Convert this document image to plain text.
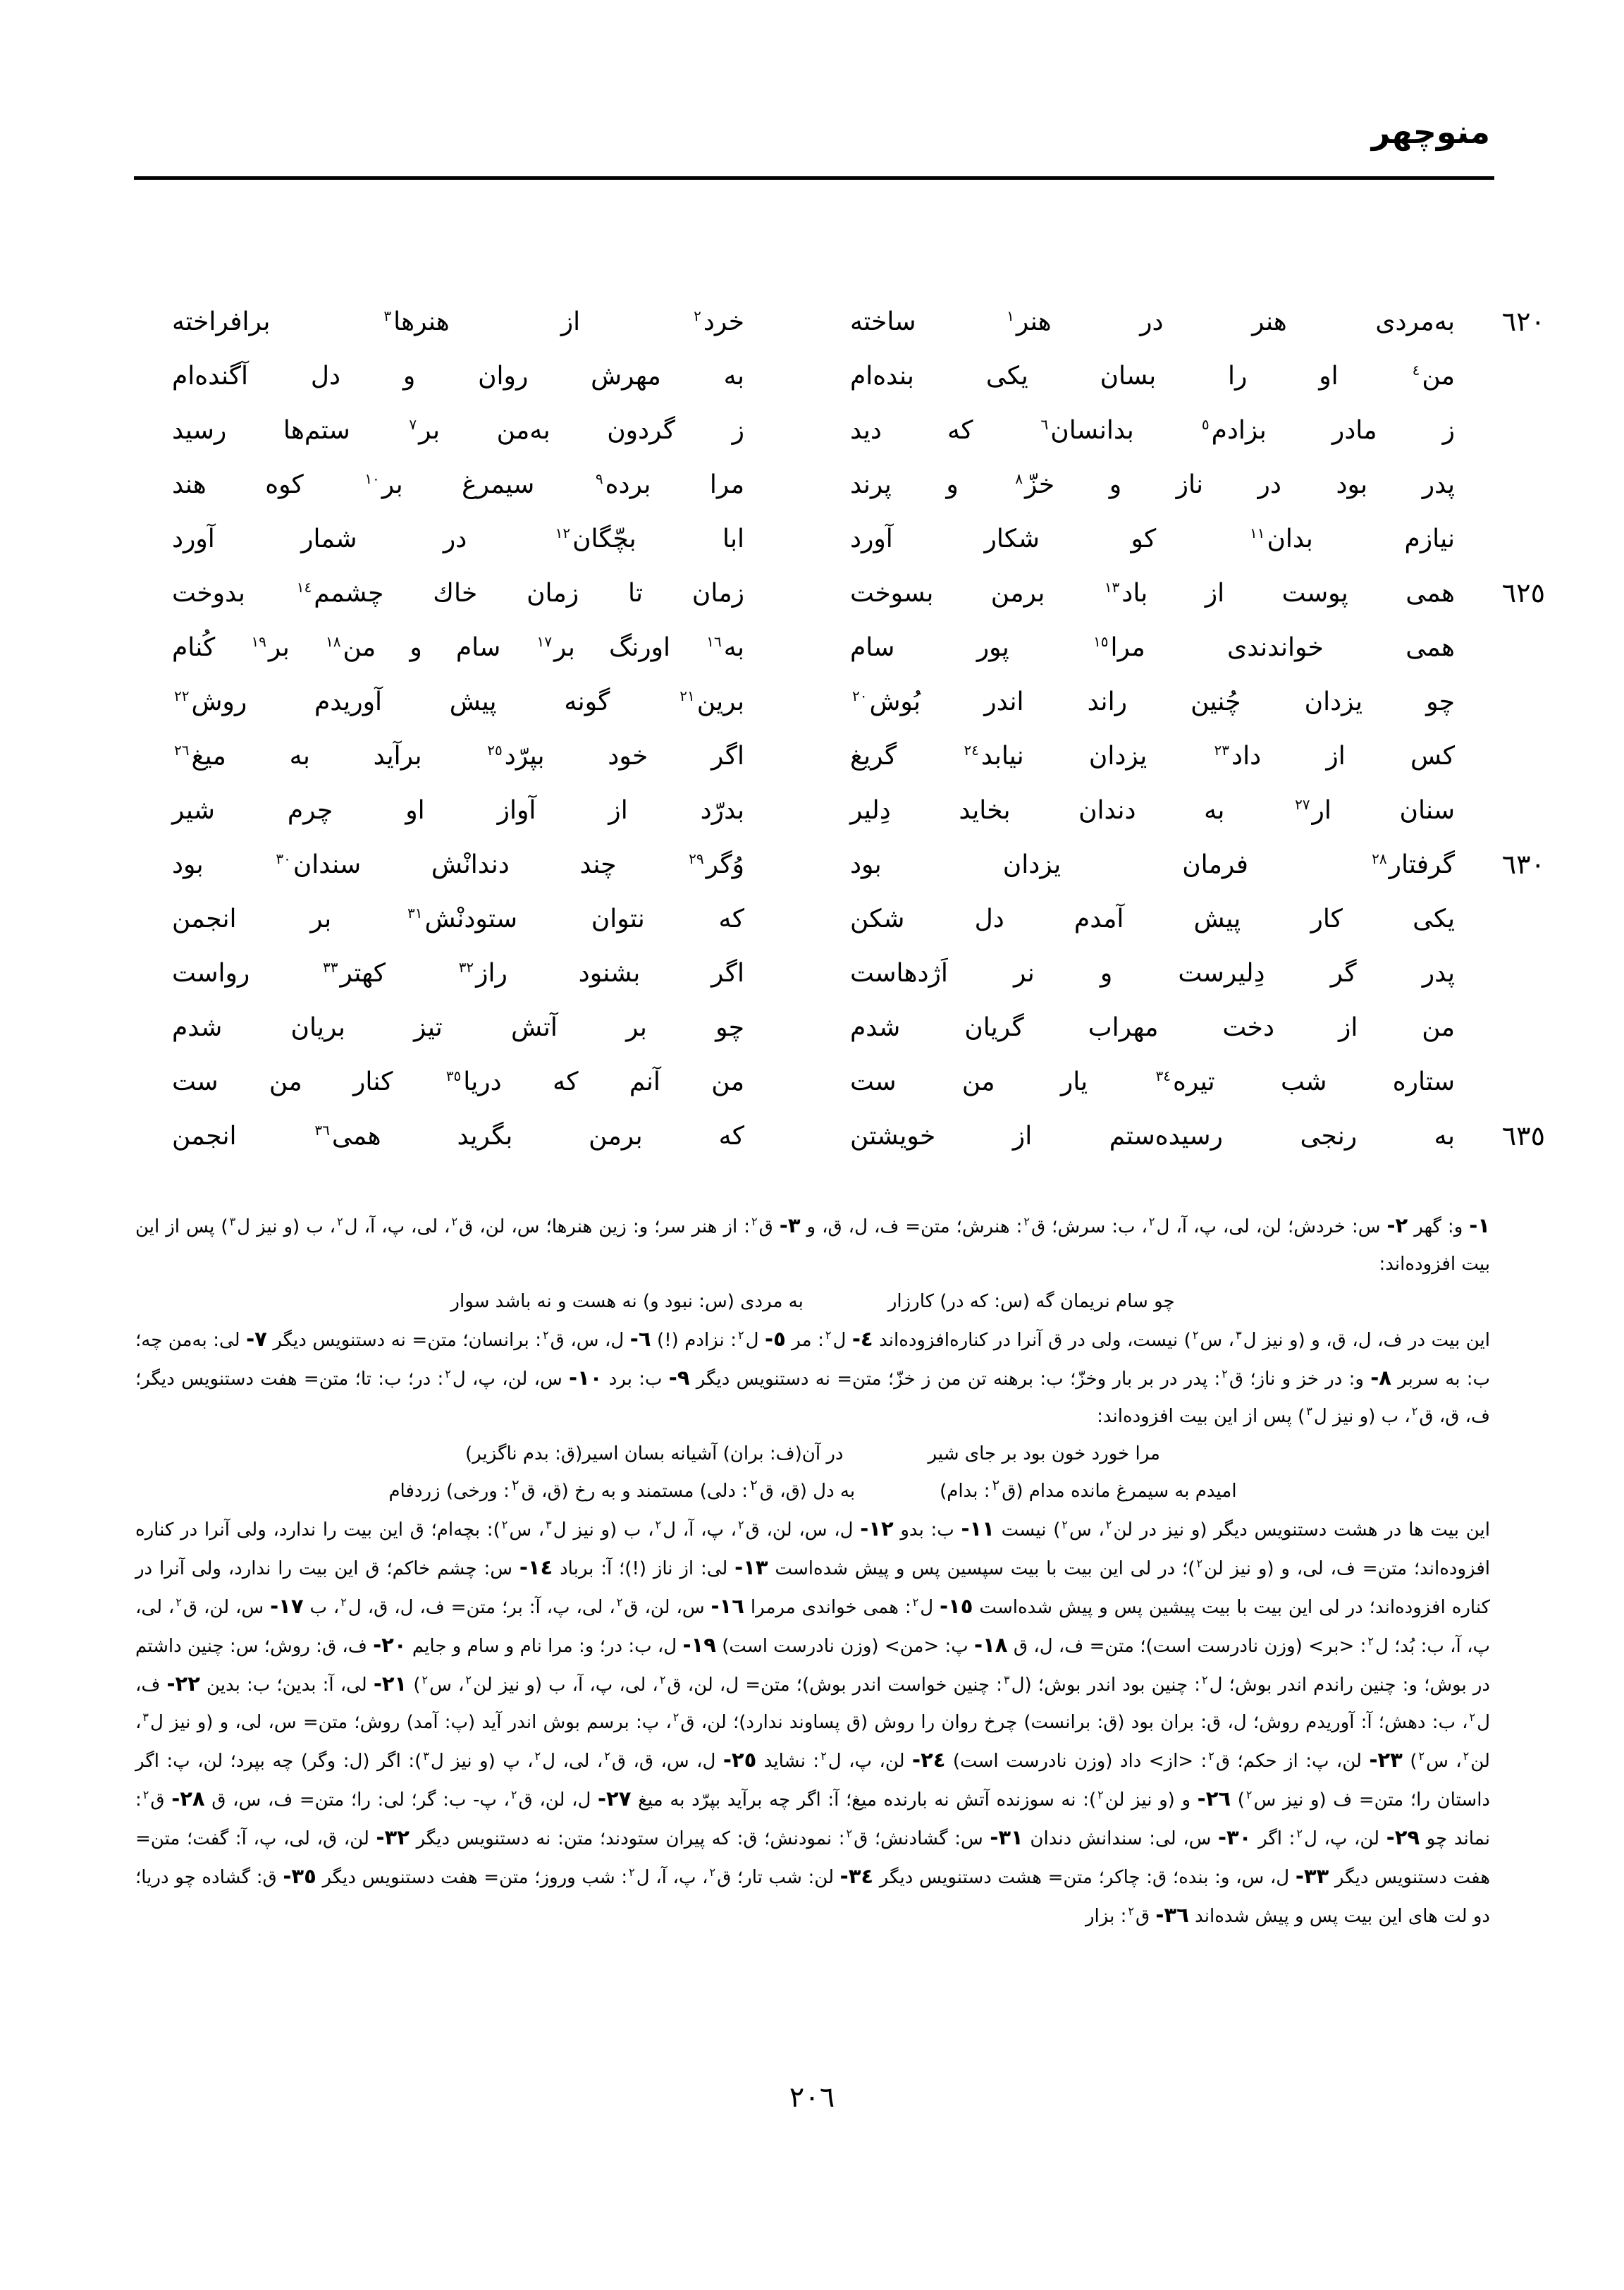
منوچهر
٦٢٠
به‌مردی هنر در هنر$^١$ ساخته
خرد$^٢$ از هنرها$^٣$ برافراخته
من$^٤$ او را بسان یکی بنده‌ام
به مهرش روان و دل آگنده‌ام
ز مادر بزادم$^٥$ بدانسان$^٦$ که دید
ز گردون به‌من بر$^٧$ ستم‌ها رسید
پدر بود در ناز و خزّ$^٨$ و پرند
مرا برده$^٩$ سیمرغ بر$^{١٠}$ کوه هند
نیازم بدان$^{١١}$ کو شکار آورد
ابا بچّگان$^{١٢}$ در شمار آورد
٦٢٥
همی پوست از باد$^{١٣}$ برمن بسوخت
زمان تا زمان خاك چشمم$^{١٤}$ بدوخت
همی خواندندی مرا$^{١٥}$ پور سام
به$^{١٦}$ اورنگ بر$^{١٧}$ سام و من$^{١٨}$ بر$^{١٩}$ کُنام
چو یزدان چُنین راند اندر بُوش$^{٢٠}$
برین$^{٢١}$ گونه پیش آوریدم روش$^{٢٢}$
کس از داد$^{٢٣}$ یزدان نیابد$^{٢٤}$ گریغ
اگر خود بپرّد$^{٢٥}$ برآید به میغ$^{٢٦}$
سنان ار$^{٢٧}$ به دندان بخاید دِلیر
بدرّد از آواز او چرم شیر
٦٣٠
گرفتار$^{٢٨}$ فرمان یزدان بود
وُگر$^{٢٩}$ چند دندانْش سندان$^{٣٠}$ بود
یکی کار پیش آمدم دل شکن
که نتوان ستودنْش$^{٣١}$ بر انجمن
پدر گر دِلیرست و نر اَژدهاست
اگر بشنود راز$^{٣٢}$ کهتر$^{٣٣}$ رواست
من از دخت مهراب گریان شدم
چو بر آتش تیز بریان شدم
ستاره شب تیره$^{٣٤}$ یار من ست
من آنم که دریا$^{٣٥}$ کنار من ست
٦٣٥
به رنجی رسیده‌ستم از خویشتن
که برمن بگرید همی$^{٣٦}$ انجمن
١- و: گهر ٢- س: خردش؛ لن، لی، پ، آ، ل$^٢$، ب: سرش؛ ق$^٢$: هنرش؛ متن= ف، ل، ق، و ٣- ق$^٢$: از هنر سر؛ و: زین هنرها؛ س، لن، ق$^٢$، لی، پ، آ، ل$^٢$، ب (و نیز ل$^٣$) پس از این بیت افزوده‌اند:
چو سام نریمان گه (س: که در) کارزار
به مردی (س: نبود و) نه هست و نه باشد سوار
این بیت در ف، ل، ق، و (و نیز ل$^٣$، س$^٢$) نیست، ولی در ق آنرا در کناره‌افزوده‌اند ٤- ل$^٢$: مر ٥- ل$^٢$: نزادم (!) ٦- ل، س، ق$^٢$: برانسان؛ متن= نه دستنویس دیگر ٧- لی: به‌من چه؛ ب: به سربر ٨- و: در خز و ناز؛ ق$^٢$: پدر در بر بار وخزّ؛ ب: برهنه تن من ز خزّ؛ متن= نه دستنویس دیگر ٩- ب: برد ١٠- س، لن، پ، ل$^٢$: در؛ ب: تا؛ متن= هفت دستنویس دیگر؛ ف، ق، ق$^٢$، ب (و نیز ل$^٣$) پس از این بیت افزوده‌اند:
مرا خورد خون بود بر جای شیر
در آن(ف: بران) آشیانه بسان اسیر(ق: بدم ناگزیر)
امیدم به سیمرغ مانده مدام (ق$^٢$: بدام)
به دل (ق، ق$^٢$: دلی) مستمند و به رخ (ق، ق$^٢$: ورخی) زردفام
این بیت ها در هشت دستنویس دیگر (و نیز در لن$^٢$، س$^٢$) نیست ١١- ب: بدو ١٢- ل، س، لن، ق$^٢$، پ، آ، ل$^٢$، ب (و نیز ل$^٣$، س$^٢$): بچه‌ام؛ ق این بیت را ندارد، ولی آنرا در کناره افزوده‌اند؛ متن= ف، لی، و (و نیز لن$^٢$)؛ در لی این بیت با بیت سپسین پس و پیش شده‌است ١٣- لی: از ناز (!)؛ آ: برباد ١٤- س: چشم خاکم؛ ق این بیت را ندارد، ولی آنرا در کناره افزوده‌اند؛ در لی این بیت با بیت پیشین پس و پیش شده‌است ١٥- ل$^٢$: همی خواندی مرمرا ١٦- س، لن، ق$^٢$، لی، پ، آ: بر؛ متن= ف، ل، ق، ل$^٢$، ب ١٧- س، لن، ق$^٢$، لی، پ، آ، ب: بُد؛ ل$^٢$: <بر> (وزن نادرست است)؛ متن= ف، ل، ق ١٨- پ: <من> (وزن نادرست است) ١٩- ل، ب: در؛ و: مرا نام و سام و جایم ٢٠- ف، ق: روش؛ س: چنین داشتم در بوش؛ و: چنین راندم اندر بوش؛ ل$^٢$: چنین بود اندر بوش؛ (ل$^٣$: چنین خواست اندر بوش)؛ متن= ل، لن، ق$^٢$، لی، پ، آ، ب (و نیز لن$^٢$، س$^٢$) ٢١- لی، آ: بدین؛ ب: بدین ٢٢- ف، ل$^٢$، ب: دهش؛ آ: آوریدم روش؛ ل، ق: بران بود (ق: برانست) چرخ روان را روش (ق پساوند ندارد)؛ لن، ق$^٢$، پ: برسم بوش اندر آید (پ: آمد) روش؛ متن= س، لی، و (و نیز ل$^٣$، لن$^٢$، س$^٢$) ٢٣- لن، پ: از حکم؛ ق$^٢$: <از> داد (وزن نادرست است) ٢٤- لن، پ، ل$^٢$: نشاید ٢٥- ل، س، ق، ق$^٢$، لی، ل$^٢$، پ (و نیز ل$^٣$): اگر (ل: وگر) چه بپرد؛ لن، پ: اگر داستان را؛ متن= ف (و نیز س$^٢$) ٢٦- و (و نیز لن$^٢$): نه سوزنده آتش نه بارنده میغ؛ آ: اگر چه برآید بپرّد به میغ ٢٧- ل، لن، ق$^٢$، پ- ب: گر؛ لی: را؛ متن= ف، س، ق ٢٨- ق$^٢$: نماند چو ٢٩- لن، پ، ل$^٢$: اگر ٣٠- س، لی: سندانش دندان ٣١- س: گشادنش؛ ق$^٢$: نمودنش؛ ق: که پیران ستودند؛ متن: نه دستنویس دیگر ٣٢- لن، ق، لی، پ، آ: گفت؛ متن= هفت دستنویس دیگر ٣٣- ل، س، و: بنده؛ ق: چاکر؛ متن= هشت دستنویس دیگر ٣٤- لن: شب تار؛ ق$^٢$، پ، آ، ل$^٢$: شب وروز؛ متن= هفت دستنویس دیگر ٣٥- ق: گشاده چو دریا؛ دو لت های این بیت پس و پیش شده‌اند ٣٦- ق$^٢$: بزار
٢٠٦
